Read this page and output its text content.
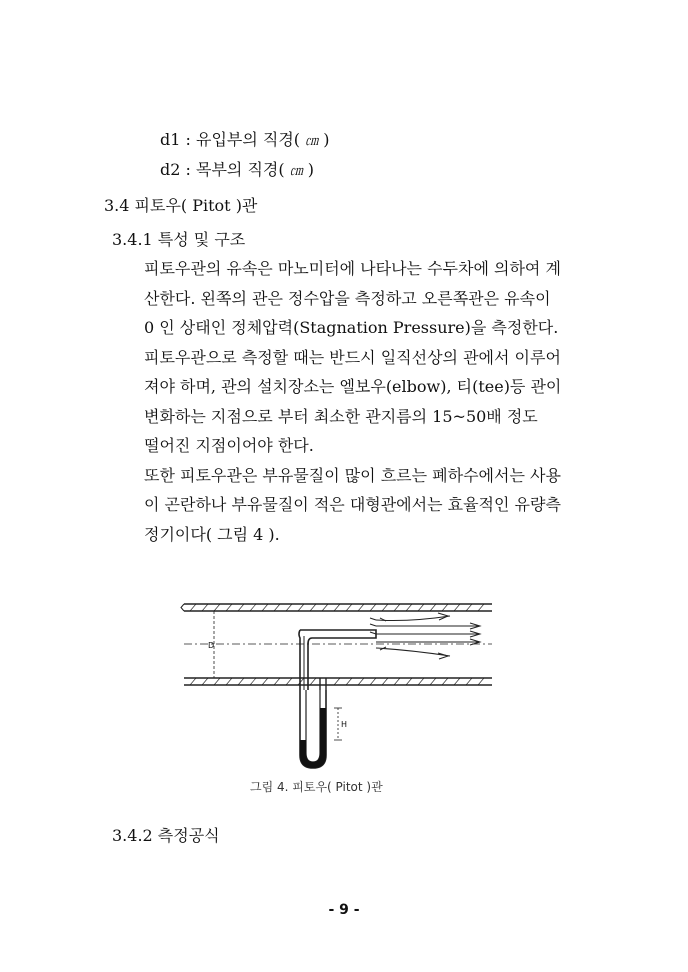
d1 : 유입부의 직경( ㎝ )
d2 : 목부의 직경( ㎝ )
3.4 피토우( Pitot )관
3.4.1 특성 및 구조
피토우관의 유속은 마노미터에 나타나는 수두차에 의하여 계
산한다. 왼쪽의 관은 정수압을 측정하고 오른쪽관은 유속이
0 인 상태인 정체압력(Stagnation Pressure)을 측정한다.
피토우관으로 측정할 때는 반드시 일직선상의 관에서 이루어
져야 하며, 관의 설치장소는 엘보우(elbow), 티(tee)등 관이
변화하는 지점으로 부터 최소한 관지름의 15~50배 정도
떨어진 지점이어야 한다.
또한 피토우관은 부유물질이 많이 흐르는 폐하수에서는 사용
이 곤란하나 부유물질이 적은 대형관에서는 효율적인 유량측
정기이다( 그림 4 ).
D
H
그림 4. 피토우( Pitot )관
3.4.2 측정공식
- 9 -
